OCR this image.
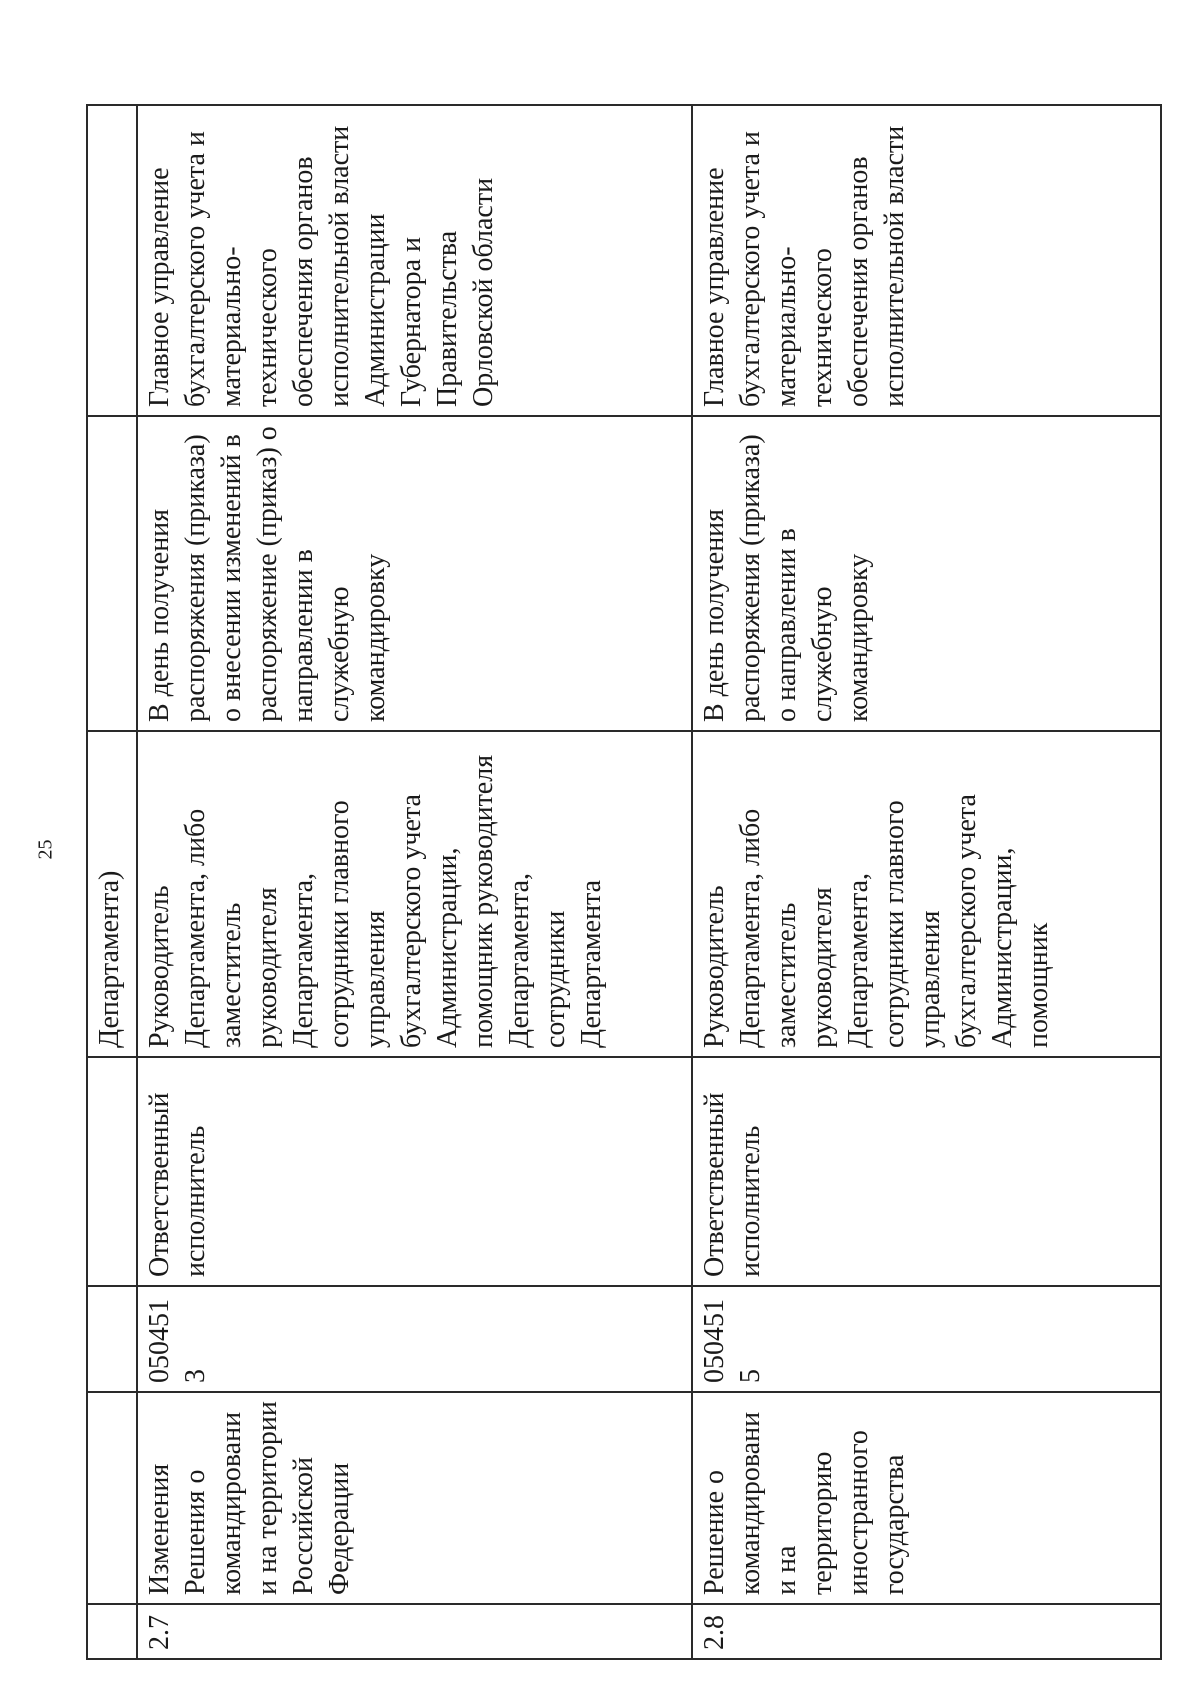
25
				Департамента)		
2.7	Изменения Решения о командировании на территории Российской Федерации	0504513	Ответственный исполнитель	Руководитель Департамента, либо заместитель руководителя Департамента, сотрудники главного управления бухгалтерского учета Администрации, помощник руководителя Департамента, сотрудники Департамента	В день получения распоряжения (приказа) о внесении изменений в распоряжение (приказ) о направлении в служебную командировку	Главное управление бухгалтерского учета и материально-технического обеспечения органов исполнительной власти Администрации Губернатора и Правительства Орловской области
2.8	Решение о командировании на территорию иностранного государства	0504515	Ответственный исполнитель	Руководитель Департамента, либо заместитель руководителя Департамента, сотрудники главного управления бухгалтерского учета Администрации, помощник	В день получения распоряжения (приказа) о направлении в служебную командировку	Главное управление бухгалтерского учета и материально-технического обеспечения органов исполнительной власти
